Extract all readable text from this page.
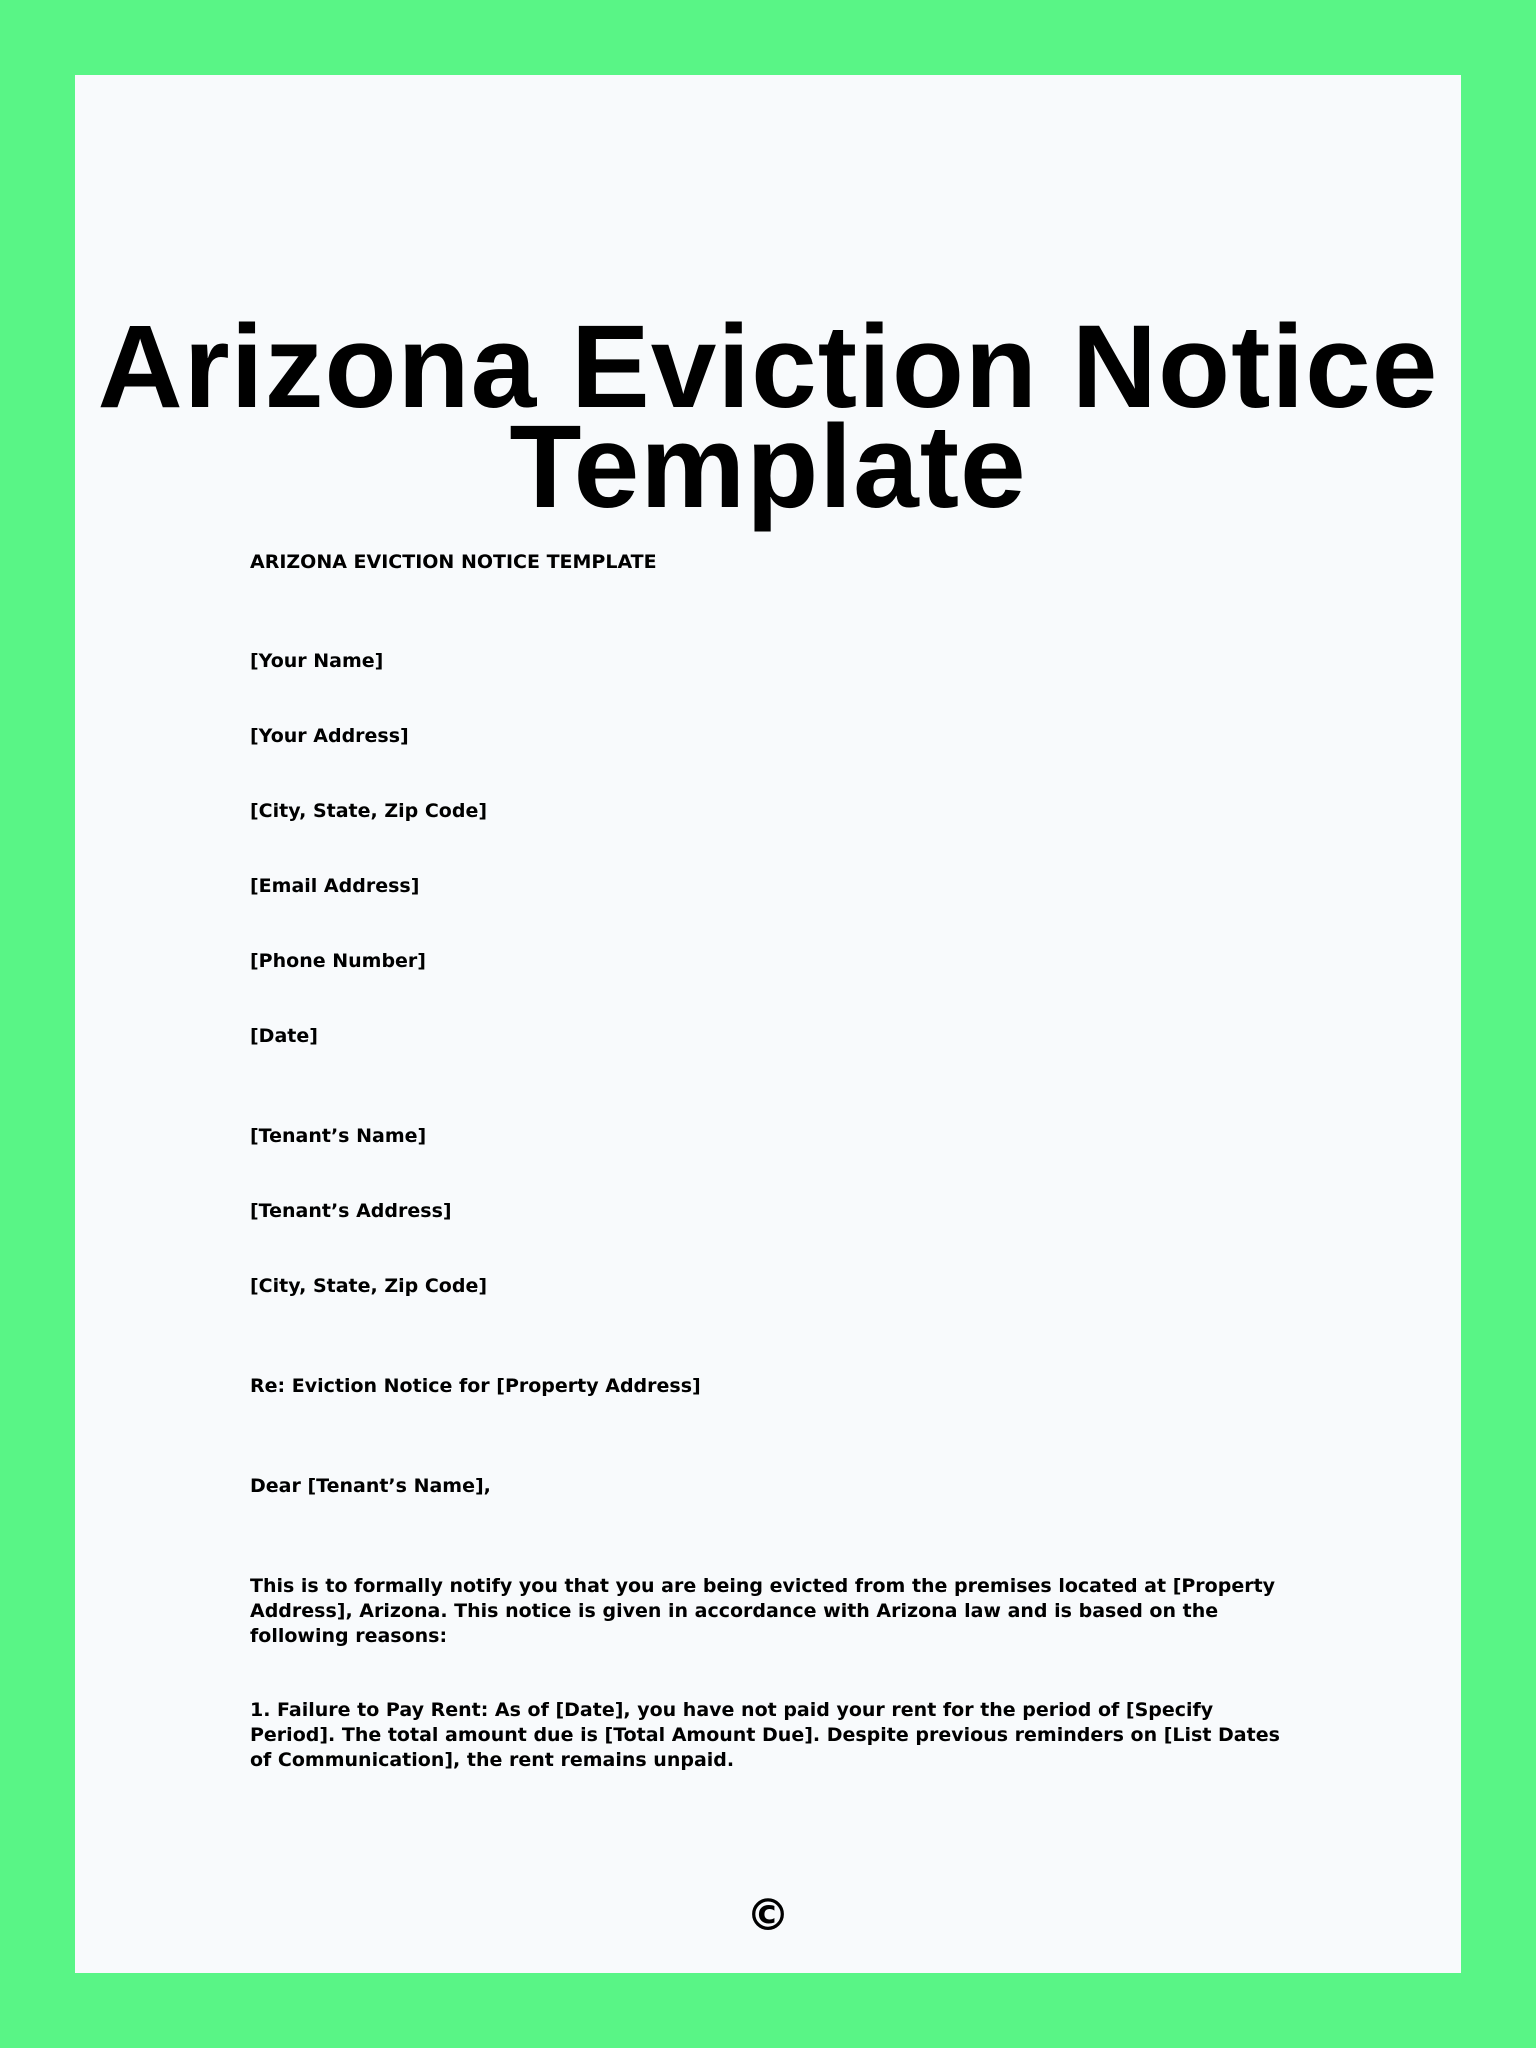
Arizona Eviction Notice
Template

ARIZONA EVICTION NOTICE TEMPLATE

[Your Name]

[Your Address]

[City, State, Zip Code]

[Email Address]

[Phone Number]

[Date]

[Tenant’s Name]

[Tenant’s Address]

[City, State, Zip Code]

Re: Eviction Notice for [Property Address]

Dear [Tenant’s Name],

This is to formally notify you that you are being evicted from the premises located at [Property Address], Arizona. This notice is given in accordance with Arizona law and is based on the following reasons:

1. Failure to Pay Rent: As of [Date], you have not paid your rent for the period of [Specify Period]. The total amount due is [Total Amount Due]. Despite previous reminders on [List Dates of Communication], the rent remains unpaid.

©
